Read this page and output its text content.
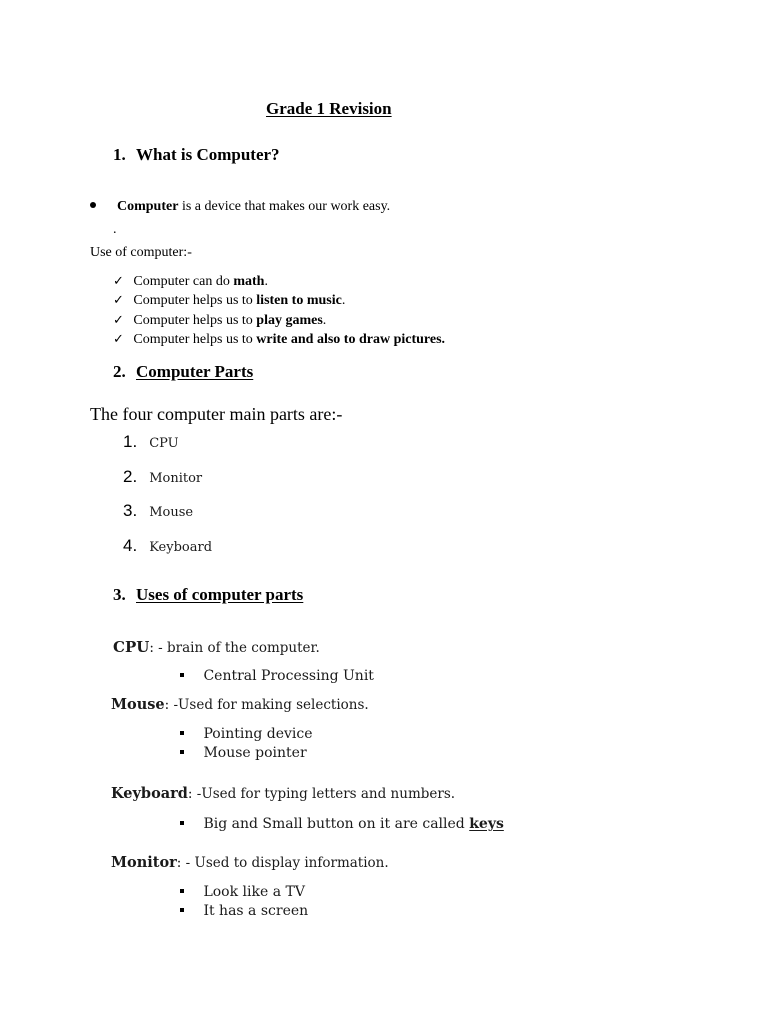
Grade 1 Revision
1. What is Computer?
Computer is a device that makes our work easy.
.
Use of computer:-
✓ Computer can do math.
✓ Computer helps us to listen to music.
✓ Computer helps us to play games.
✓ Computer helps us to write and also to draw pictures.
2. Computer Parts
The four computer main parts are:-
1. CPU
2. Monitor
3. Mouse
4. Keyboard
3. Uses of computer parts
CPU: - brain of the computer.
Central Processing Unit
Mouse: -Used for making selections.
Pointing device
Mouse pointer
Keyboard: -Used for typing letters and numbers.
Big and Small button on it are called keys
Monitor: - Used to display information.
Look like a TV
It has a screen
